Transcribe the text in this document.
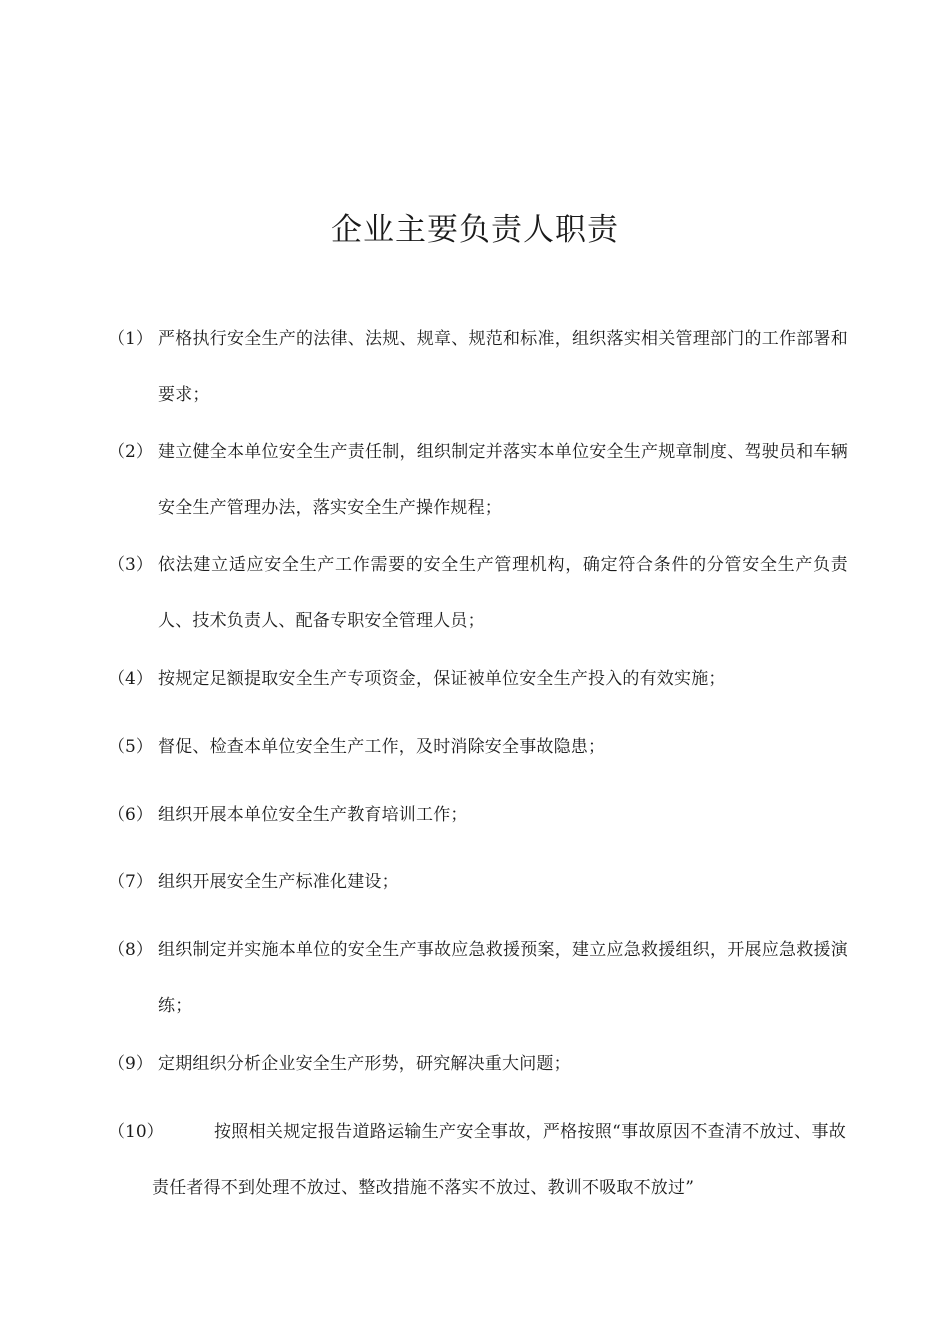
企业主要负责人职责
（1） 严格执行安全生产的法律、法规、规章、规范和标准，组织落实相关管理部门的工作部署和要求；
（2） 建立健全本单位安全生产责任制，组织制定并落实本单位安全生产规章制度、驾驶员和车辆安全生产管理办法，落实安全生产操作规程；
（3） 依法建立适应安全生产工作需要的安全生产管理机构，确定符合条件的分管安全生产负责人、技术负责人、配备专职安全管理人员；
（4） 按规定足额提取安全生产专项资金，保证被单位安全生产投入的有效实施；
（5） 督促、检查本单位安全生产工作，及时消除安全事故隐患；
（6） 组织开展本单位安全生产教育培训工作；
（7） 组织开展安全生产标准化建设；
（8） 组织制定并实施本单位的安全生产事故应急救援预案，建立应急救援组织，开展应急救援演练；
（9） 定期组织分析企业安全生产形势，研究解决重大问题；
（10）	按照相关规定报告道路运输生产安全事故，严格按照“事故原因不查清不放过、事故责任者得不到处理不放过、整改措施不落实不放过、教训不吸取不放过”
